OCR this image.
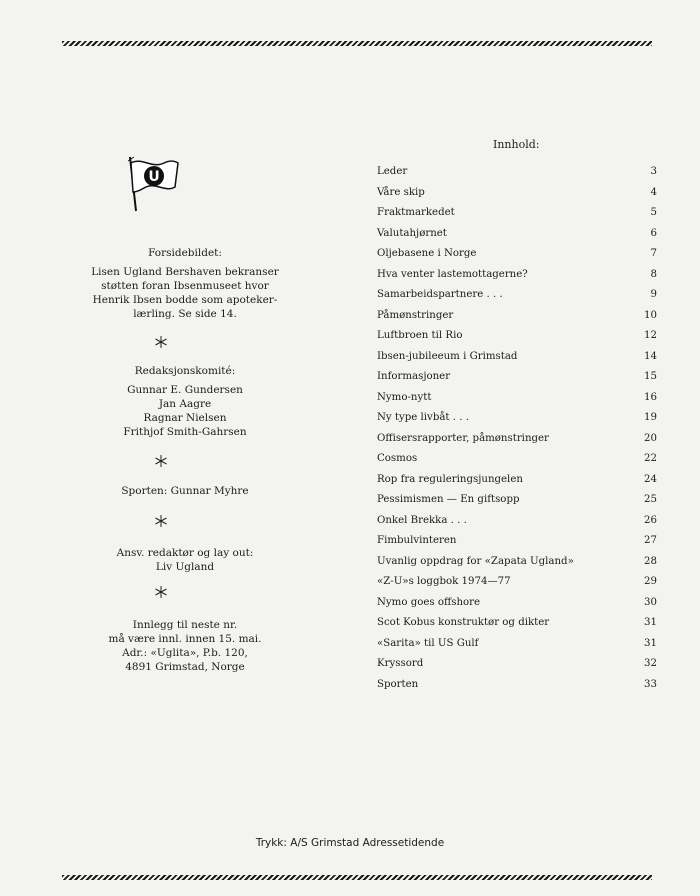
U
Forsidebildet:
Lisen Ugland Bershaven bekranser
støtten foran Ibsenmuseet hvor
Henrik Ibsen bodde som apoteker-
lærling. Se side 14.
Redaksjonskomité:
Gunnar E. Gundersen
Jan Aagre
Ragnar Nielsen
Frithjof Smith-Gahrsen
Sporten: Gunnar Myhre
Ansv. redaktør og lay out:
Liv Ugland
Innlegg til neste nr.
må være innl. innen 15. mai.
Adr.: «Uglita», P.b. 120,
4891 Grimstad, Norge
Innhold:
Leder	3
Våre skip	4
Fraktmarkedet	5
Valutahjørnet	6
Oljebasene i Norge	7
Hva venter lastemottagerne?	8
Samarbeidspartnere . . .	9
Påmønstringer	10
Luftbroen til Rio	12
Ibsen-jubileeum i Grimstad	14
Informasjoner	15
Nymo-nytt	16
Ny type livbåt . . .	19
Offisersrapporter, påmønstringer	20
Cosmos	22
Rop fra reguleringsjungelen	24
Pessimismen — En giftsopp	25
Onkel Brekka . . .	26
Fimbulvinteren	27
Uvanlig oppdrag for «Zapata Ugland»	28
«Z-U»s loggbok 1974—77	29
Nymo goes offshore	30
Scot Kobus konstruktør og dikter	31
«Sarita» til US Gulf	31
Kryssord	32
Sporten	33
Trykk: A/S Grimstad Adressetidende
